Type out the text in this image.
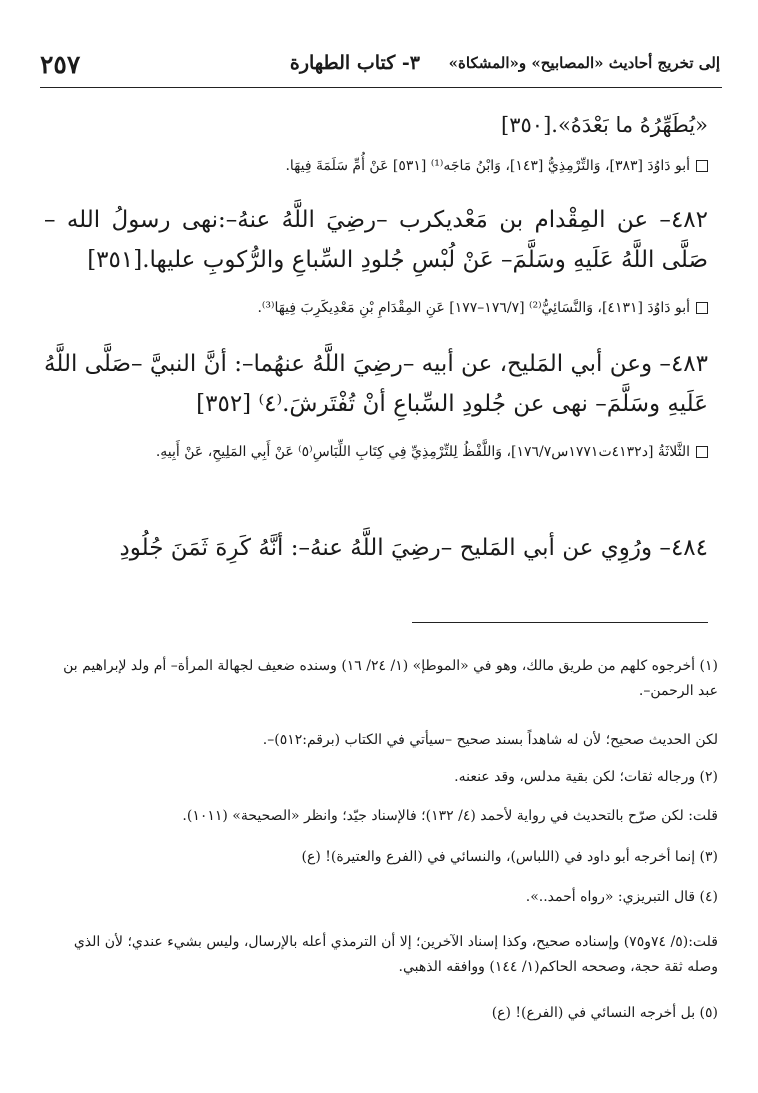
٢٥٧	٣- كتاب الطهارة إلى تخريج أحاديث «المصابيح» و«المشكاة»
«يُطَهِّرُهُ ما بَعْدَهُ».[٣٥٠]
أبو دَاوُدَ [٣٨٣]، وَالتِّرْمِذِيُّ [١٤٣]، وَابْنُ مَاجَه⁽¹⁾ [٥٣١] عَنْ أُمِّ سَلَمَةَ فِيهَا.
٤٨٢– عن المِقْدام بن مَعْديكرب –رضِيَ اللَّهُ عنهُ–:نهى رسولُ الله –صَلَّى اللَّهُ عَلَيهِ وسَلَّمَ– عَنْ لُبْسِ جُلودِ السِّباعِ والرُّكوبِ عليها.[٣٥١]
أبو دَاوُدَ [٤١٣١]، وَالنَّسَائِيُّ⁽²⁾ [١٧٦/٧–١٧٧] عَنِ المِقْدَامِ بْنِ مَعْدِيكَرِبَ فِيهَا⁽³⁾.
٤٨٣– وعن أبي المَليح، عن أبيه –رضِيَ اللَّهُ عنهُما–: أنَّ النبيَّ –صَلَّى اللَّهُ عَلَيهِ وسَلَّمَ– نهى عن جُلودِ السِّباعِ أنْ تُفْتَرشَ.⁽٤⁾ [٣٥٢]
الثَّلاثَةُ [د٤١٣٢ت١٧٧١س١٧٦/٧]، وَاللَّفْظُ لِلتِّرْمِذِيِّ فِي كِتَابِ اللِّبَاسِ⁽٥⁾ عَنْ أَبِي المَلِيحِ، عَنْ أَبِيهِ.
٤٨٤– ورُوِي عن أبي المَليح –رضِيَ اللَّهُ عنهُ–: أنَّهُ كَرِهَ ثَمَنَ جُلُودِ
(١) أخرجوه كلهم من طريق مالك، وهو في «الموطإ» (١/ ٢٤/ ١٦) وسنده ضعيف لجهالة المرأة– أم ولد لإبراهيم بن عبد الرحمن–.
لكن الحديث صحيح؛ لأن له شاهداً بسند صحيح –سيأتي في الكتاب (برقم:٥١٢)–.
(٢) ورجاله ثقات؛ لكن بقية مدلس، وقد عنعنه.
قلت: لكن صرّح بالتحديث في رواية لأحمد (٤/ ١٣٢)؛ فالإسناد جيّد؛ وانظر «الصحيحة» (١٠١١).
(٣) إنما أخرجه أبو داود في (اللباس)، والنسائي في (الفرع والعتيرة)! (ع)
(٤) قال التبريزي: «رواه أحمد..».
قلت:(٥/ ٧٤و٧٥) وإسناده صحيح، وكذا إسناد الآخرين؛ إلا أن الترمذي أعله بالإرسال، وليس بشيء عندي؛ لأن الذي وصله ثقة حجة، وصححه الحاكم(١/ ١٤٤) ووافقه الذهبي.
(٥) بل أخرجه النسائي في (الفرع)! (ع)
